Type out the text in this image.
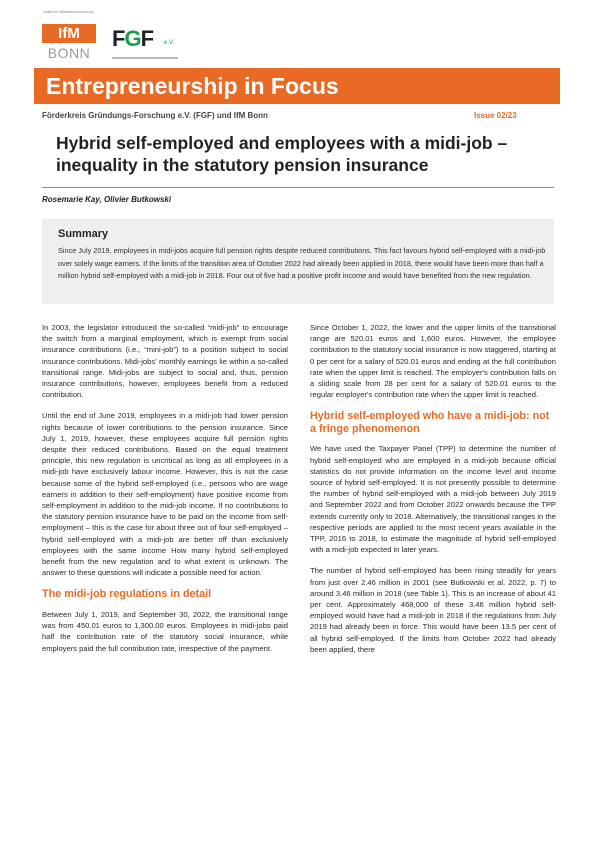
Institut für Mittelstandsforschung
IfM
BONN
FGF	e.V.
Entrepreneurship in Focus
Förderkreis Gründungs-Forschung e.V. (FGF) und IfM Bonn	Issue 02/23
Hybrid self-employed and employees with a midi-job – inequality in the statutory pension insurance
Rosemarie Kay, Olivier Butkowski
Summary
Since July 2019, employees in midi-jobs acquire full pension rights despite reduced contributions. This fact favours hybrid self-employed with a midi-job over solely wage earners. If the limits of the transition area of October 2022 had already been applied in 2018, there would have been more than half a million hybrid self-employed with a midi-job in 2018. Four out of five had a positive profit income and would have benefited from the new regulation.

In 2003, the legislator introduced the so-called “midi-job” to encourage the switch from a marginal employment, which is exempt from social insurance contributions (i.e., “mini-job”) to a position subject to social insurance contributions. Midi-jobs' monthly earnings lie within a so-called transitional range. Midi-jobs are subject to social and, thus, pension insurance contributions, however, employees benefit from a reduced contribution.

Until the end of June 2019, employees in a midi-job had lower pension rights because of lower contributions to the pension insurance. Since July 1, 2019, however, these employees acquire full pension rights despite their reduced contributions. Based on the equal treatment principle, this new regulation is uncritical as long as all employees in a midi-job have exclusively labour income. However, this is not the case because some of the hybrid self-employed (i.e., persons who are wage earners in addition to their self-employment) have positive income from self-employment in addition to the midi-job income. If no contributions to the statutory pension insurance have to be paid on the income from self-employment – this is the case for about three out of four self-employed – hybrid self-employed with a midi-job are better off than exclusively employees with the same income How many hybrid self-employed benefit from the new regulation and to what extent is unknown. The answer to these questions will indicate a possible need for action.

The midi-job regulations in detail

Between July 1, 2019, and September 30, 2022, the transitional range was from 450.01 euros to 1,300.00 euros. Employees in midi-jobs paid half the contribution rate of the statutory social insurance, while employers paid the full contribution rate, irrespective of the payment.

Since October 1, 2022, the lower and the upper limits of the transitional range are 520.01 euros and 1,600 euros. However, the employee contribution to the statutory social insurance is now staggered, starting at 0 per cent for a salary of 520.01 euros and ending at the full contribution rate when the upper limit is reached. The employer's contribution falls on a sliding scale from 28 per cent for a salary of 520.01 euros to the regular employer's contribution rate when the upper limit is reached.

Hybrid self-employed who have a midi-job: not a fringe phenomenon

We have used the Taxpayer Panel (TPP) to determine the number of hybrid self-employed who are employed in a midi-job because official statistics do not provide information on the income level and income source of hybrid self-employed. It is not presently possible to determine the number of hybrid self-employed with a midi-job between July 2019 and September 2022 and from October 2022 onwards because the TPP extends currently only to 2018. Alternatively, the transitional ranges in the respective periods are applied to the most recent years available in the TPP, 2016 to 2018, to estimate the magnitude of hybrid self-employed with a midi-job expected in later years.

The number of hybrid self-employed has been rising steadily for years from just over 2.46 million in 2001 (see Butkowski et al. 2022, p. 7) to around 3.46 million in 2018 (see Table 1). This is an increase of about 41 per cent. Approximately 468,000 of these 3.46 million hybrid self-employed would have had a midi-job in 2018 if the regulations from July 2019 had already been in force. This would have been 13.5 per cent of all hybrid self-employed. If the limits from October 2022 had already been applied, there
